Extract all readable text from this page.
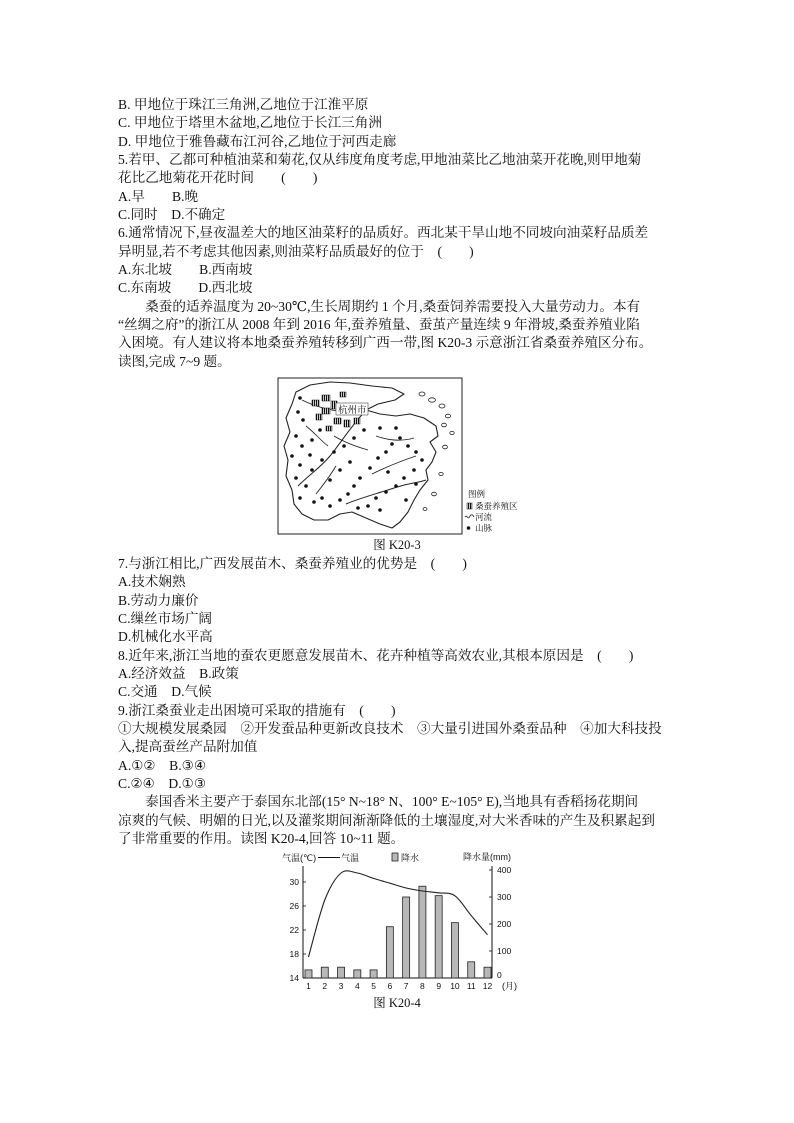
B. 甲地位于珠江三角洲,乙地位于江淮平原
C. 甲地位于塔里木盆地,乙地位于长江三角洲
D. 甲地位于雅鲁藏布江河谷,乙地位于河西走廊
5.若甲、乙都可种植油菜和菊花,仅从纬度角度考虑,甲地油菜比乙地油菜开花晚,则甲地菊
花比乙地菊花开花时间　　(　　)
A.早　　B.晚
C.同时　D.不确定
6.通常情况下,昼夜温差大的地区油菜籽的品质好。西北某干旱山地不同坡向油菜籽品质差
异明显,若不考虑其他因素,则油菜籽品质最好的位于　(　　)
A.东北坡　　B.西南坡
C.东南坡　　D.西北坡
　　桑蚕的适养温度为 20~30℃,生长周期约 1 个月,桑蚕饲养需要投入大量劳动力。本有
“丝绸之府”的浙江从 2008 年到 2016 年,蚕养殖量、蚕茧产量连续 9 年滑坡,桑蚕养殖业陷
入困境。有人建议将本地桑蚕养殖转移到广西一带,图 K20-3 示意浙江省桑蚕养殖区分布。
读图,完成 7~9 题。
杭州市
图例
桑蚕养殖区
河流
山脉
图 K20-3
7.与浙江相比,广西发展苗木、桑蚕养殖业的优势是　(　　)
A.技术娴熟
B.劳动力廉价
C.缫丝市场广阔
D.机械化水平高
8.近年来,浙江当地的蚕农更愿意发展苗木、花卉种植等高效农业,其根本原因是　(　　)
A.经济效益　B.政策
C.交通　D.气候
9.浙江桑蚕业走出困境可采取的措施有　(　　)
①大规模发展桑园　②开发蚕品种更新改良技术　③大量引进国外桑蚕品种　④加大科技投
入,提高蚕丝产品附加值
A.①②　B.③④
C.②④　D.①③
　　泰国香米主要产于泰国东北部(15° N~18° N、100° E~105° E),当地具有香稻扬花期间
凉爽的气候、明媚的日光,以及灌浆期间渐渐降低的土壤湿度,对大米香味的产生及积累起到
了非常重要的作用。读图 K20-4,回答 10~11 题。
气温(℃)	气温	降水	降水量(mm)
30
26
22
18
14
400
300
200
100
0
1 2 3 4 5 6 7 8 9 10 11 12 (月)
图 K20-4
